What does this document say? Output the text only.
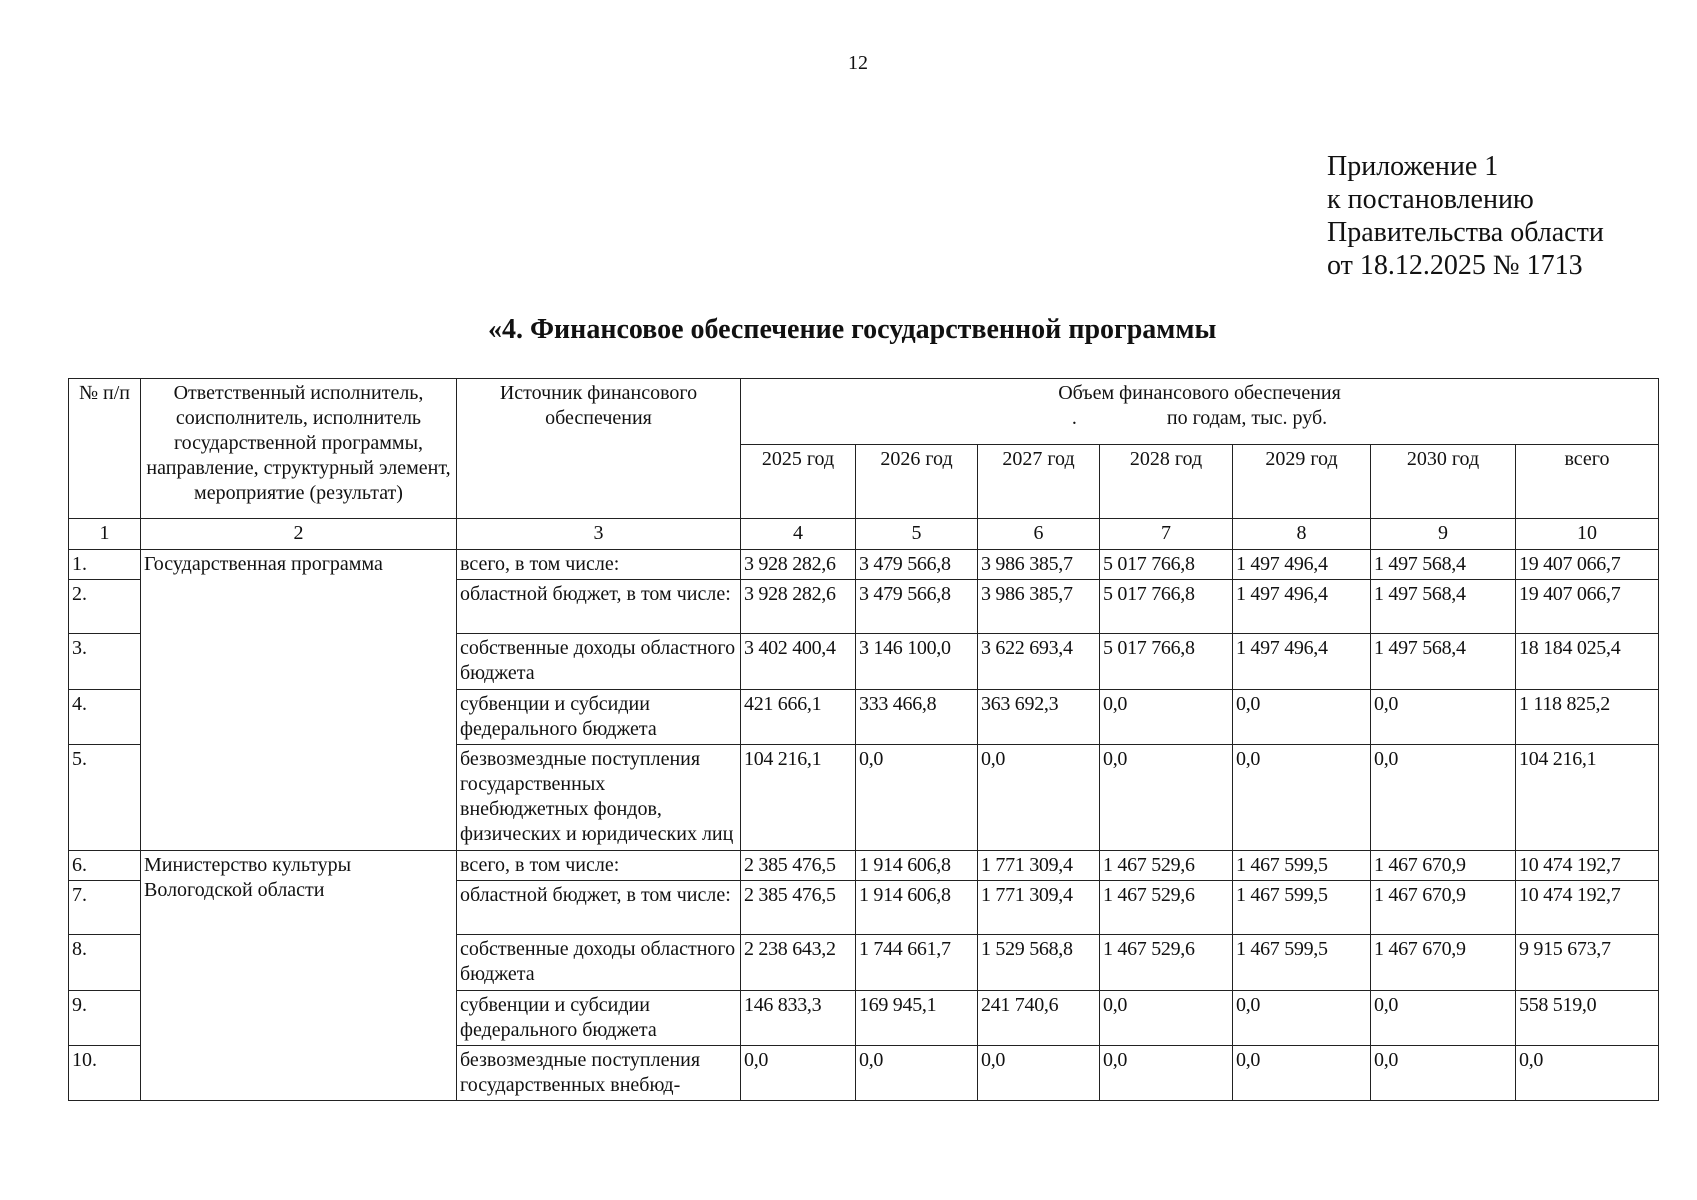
12
Приложение 1
к постановлению
Правительства области
от 18.12.2025 № 1713
«4. Финансовое обеспечение государственной программы
№ п/п	Ответственный исполнитель, соисполнитель, исполнитель государственной программы, направление, структурный элемент, мероприятие (результат)	Источник финансового обеспечения	Объем финансового обеспечения
. по годам, тыс. руб.						
			2025 год	2026 год	2027 год	2028 год	2029 год	2030 год	всего
1	2	3	4	5	6	7	8	9	10
1.	Государственная программа	всего, в том числе:	3 928 282,6	3 479 566,8	3 986 385,7	5 017 766,8	1 497 496,4	1 497 568,4	19 407 066,7
2.		областной бюджет, в том числе:	3 928 282,6	3 479 566,8	3 986 385,7	5 017 766,8	1 497 496,4	1 497 568,4	19 407 066,7
3.		собственные доходы областного бюджета	3 402 400,4	3 146 100,0	3 622 693,4	5 017 766,8	1 497 496,4	1 497 568,4	18 184 025,4
4.		субвенции и субсидии федерального бюджета	421 666,1	333 466,8	363 692,3	0,0	0,0	0,0	1 118 825,2
5.		безвозмездные поступления государственных внебюджетных фондов, физических и юридических лиц	104 216,1	0,0	0,0	0,0	0,0	0,0	104 216,1
6.	Министерство культуры Вологодской области	всего, в том числе:	2 385 476,5	1 914 606,8	1 771 309,4	1 467 529,6	1 467 599,5	1 467 670,9	10 474 192,7
7.		областной бюджет, в том числе:	2 385 476,5	1 914 606,8	1 771 309,4	1 467 529,6	1 467 599,5	1 467 670,9	10 474 192,7
8.		собственные доходы областного бюджета	2 238 643,2	1 744 661,7	1 529 568,8	1 467 529,6	1 467 599,5	1 467 670,9	9 915 673,7
9.		субвенции и субсидии федерального бюджета	146 833,3	169 945,1	241 740,6	0,0	0,0	0,0	558 519,0
10.		безвозмездные поступления государственных внебюд-	0,0	0,0	0,0	0,0	0,0	0,0	0,0
